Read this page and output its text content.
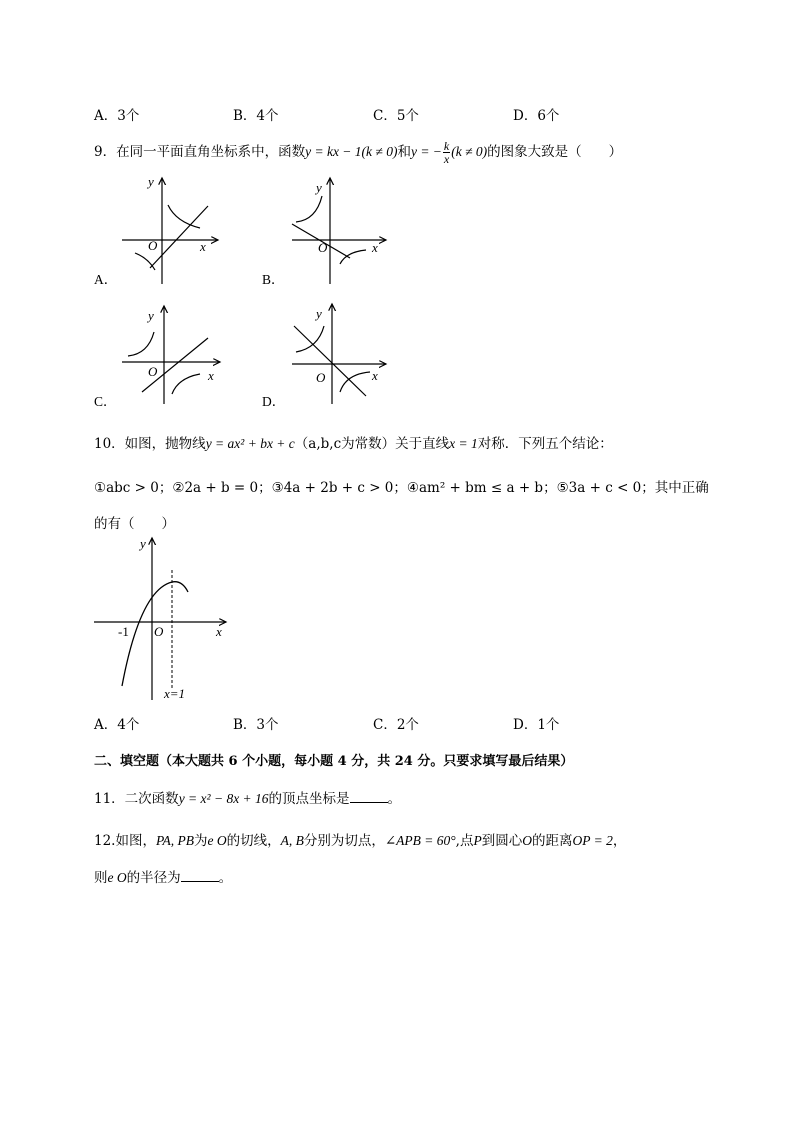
A．3个	B．4个	C．5个	D．6个
9．在同一平面直角坐标系中，函数y = kx − 1(k ≠ 0)和y = − $\frac{k}{x} (k \ne 0)$的图象大致是（　　）
y
x
O
A．
y
x
O
B．
y
x
O
C．
y
x
O
D．
10．如图，抛物线y = ax² + bx + c（a,b,c为常数）关于直线x = 1对称．下列五个结论：
①abc > 0；②2a + b = 0；③4a + 2b + c > 0；④am² + bm ≤ a + b；⑤3a + c < 0；其中正确
的有（　　）
y
x
O
-1
x=1
A．4个	B．3个	C．2个	D．1个
二、填空题（本大题共 6 个小题，每小题 4 分，共 24 分。只要求填写最后结果）
11．二次函数y = x² − 8x + 16的顶点坐标是	。
12.如图，PA, PB为e O的切线，A, B分别为切点，∠APB = 60°,点P到圆心O的距离OP = 2，
则e O的半径为	。
